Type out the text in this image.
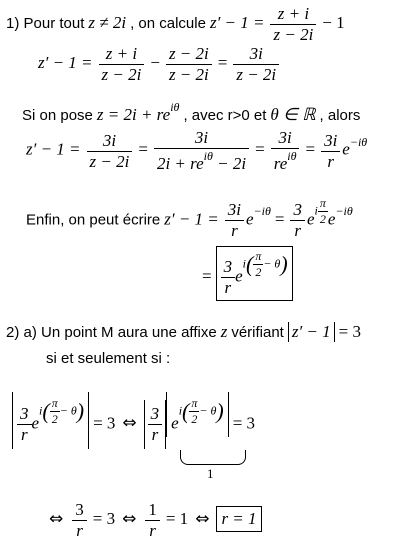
1) Pour tout z ≠ 2i , on calcule $z' - 1 = \frac{z + i}{z - 2i} - 1$
$z' - 1 = \frac{z + i}{z - 2i} - \frac{z - 2i}{z - 2i} = \frac{3i}{z - 2i}$
Si on pose z = 2i + reiθ , avec r>0 et θ ∈ ℝ , alors
$z' - 1 = \frac{3i}{z - 2i} = \frac{3i}{\text{2i + reiθ − 2i}} = \frac{3i}{\text{reiθ}} = \frac{3i}{r} e-i\theta$
Enfin, on peut écrire $z' - 1 = \frac{3i}{r} e-i\theta = \frac{3}{r}$ ei $\frac{\pi}{2} e-i\theta$
= $\frac{3}{r} ei( \frac{\pi}{2} - \theta)$
2) a) Un point M aura une affixe z vérifiant z′ − 1 = 3
si et seulement si :
$\frac{3}{r} ei( \frac{\pi}{2} - \theta) = 3$ ⇔ $\frac{3}{r} ei( \frac{\pi}{2} - \theta) = 3$
1
⇔ $\frac{3}{r} = 3$ ⇔ $\frac{1}{r} = 1$ ⇔ r = 1
